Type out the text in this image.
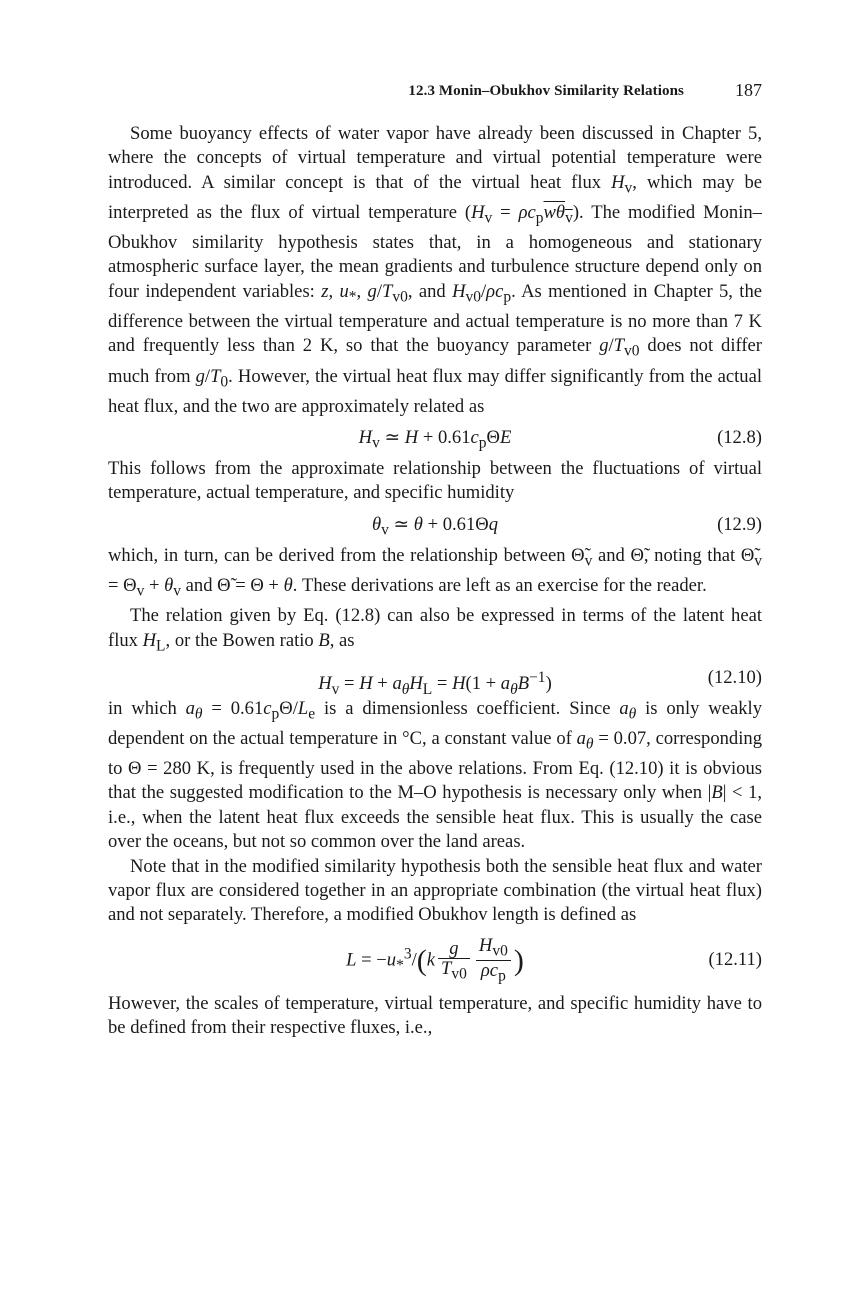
12.3 Monin–Obukhov Similarity Relations	187

Some buoyancy effects of water vapor have already been discussed in Chapter 5, where the concepts of virtual temperature and virtual potential temperature were introduced. A similar concept is that of the virtual heat flux $H_v$, which may be interpreted as the flux of virtual temperature $(H_v = \rho c_pw\theta_v)$. The modified Monin–Obukhov similarity hypothesis states that, in a homogeneous and stationary atmospheric surface layer, the mean gradients and turbulence structure depend only on four independent variables: z, $u_*$, $g/T_{v0}$, and $H_{v0}/\rho c_p$. As mentioned in Chapter 5, the difference between the virtual temperature and actual temperature is no more than 7 K and frequently less than 2 K, so that the buoyancy parameter $g/T_{v0}$ does not differ much from $g/T_0$. However, the virtual heat flux may differ significantly from the actual heat flux, and the two are approximately related as

$H_v$ ≃ $H + 0.61c_p\Theta E$	(12.8)

This follows from the approximate relationship between the fluctuations of virtual temperature, actual temperature, and specific humidity

$\theta_v$ ≃ θ + 0.61Θq	(12.9)

which, in turn, can be derived from the relationship between $\Thetã_v$ and Θ̃, noting that $\Thetã_v = \Theta_v + \theta_v$ and Θ̃ = Θ + θ. These derivations are left as an exercise for the reader.

The relation given by Eq. (12.8) can also be expressed in terms of the latent heat flux $H_L$, or the Bowen ratio B, as

$H_v = H + a_\theta H_L = H(1 + a_\theta B^{-1})$	(12.10)

in which $a_\theta = 0.61c_p\Theta/L_e$ is a dimensionless coefficient. Since $a_\theta$ is only weakly dependent on the actual temperature in °C, a constant value of $a_\theta = 0.07$, corresponding to Θ = 280 K, is frequently used in the above relations. From Eq. (12.10) it is obvious that the suggested modification to the M–O hypothesis is necessary only when |B| < 1, i.e., when the latent heat flux exceeds the sensible heat flux. This is usually the case over the oceans, but not so common over the land areas.

Note that in the modified similarity hypothesis both the sensible heat flux and water vapor flux are considered together in an appropriate combination (the virtual heat flux) and not separately. Therefore, a modified Obukhov length is defined as

$L = -u_*^3/(k \frac{g}{T_{v0}} \frac{H_{v0}}{\rho c_p}$ )	(12.11)

However, the scales of temperature, virtual temperature, and specific humidity have to be defined from their respective fluxes, i.e.,
